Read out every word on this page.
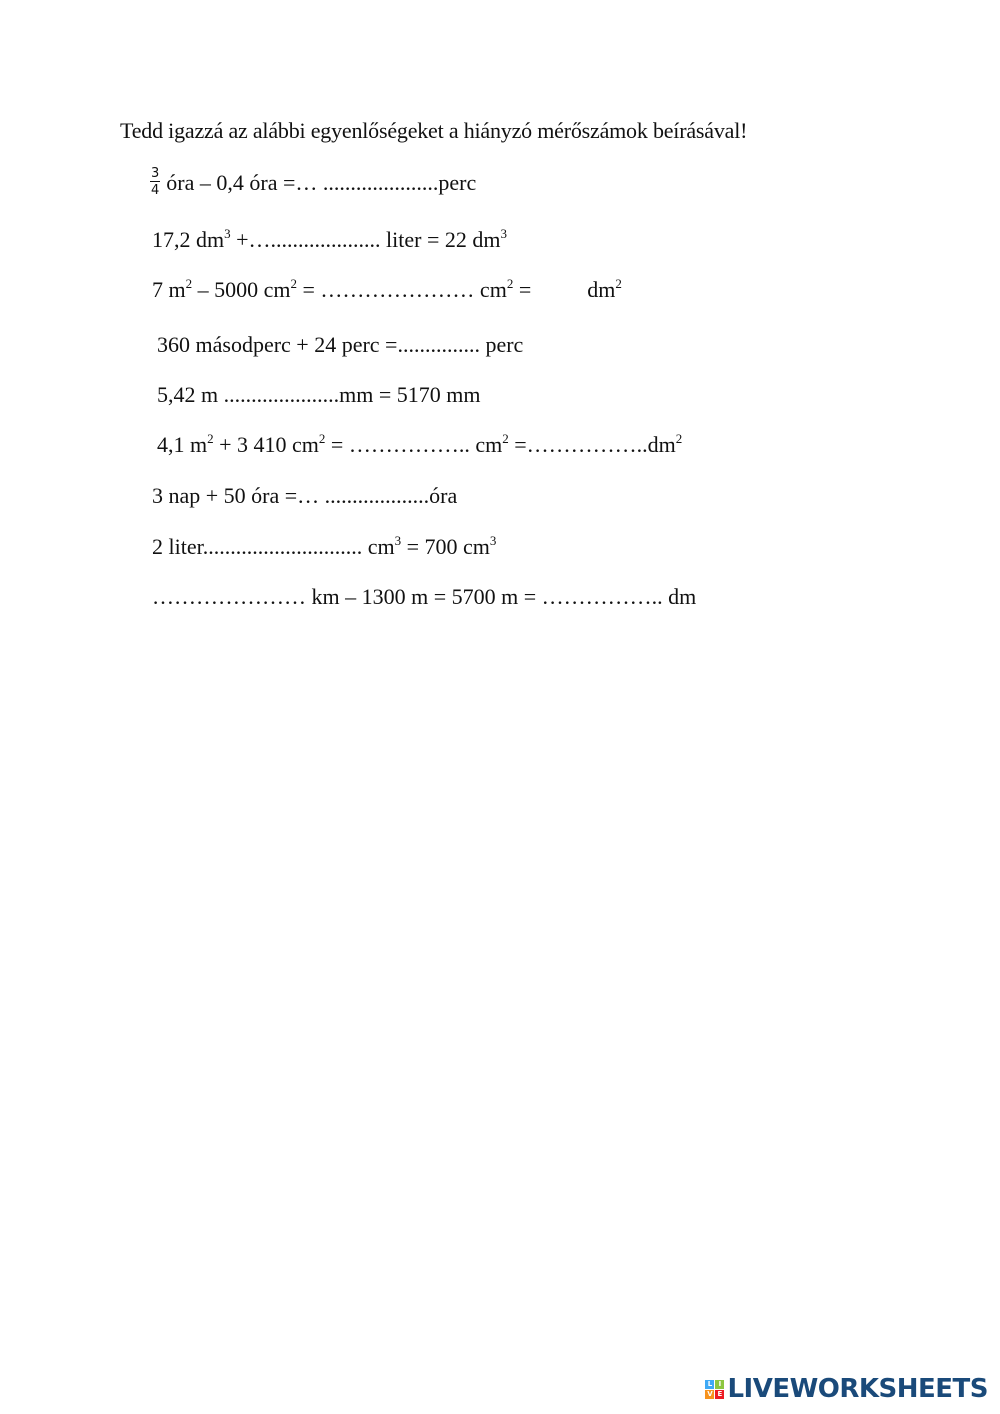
Tedd igazzá az alábbi egyenlőségeket a hiányzó mérőszámok beírásával!
$\frac{3}{4}$ óra – 0,4 óra =… .....................perc
17,2 $dm^3$ +….................... liter = 22 $dm^3$
7 $m^2 - 5000$ $cm^2$ = ………………… $cm^2$ =	$dm^2$
360 másodperc + 24 perc =............... perc
5,42 m .....................mm = 5170 mm
4,1 $m^2 + 3$ 410 $cm^2$ = …………….. $cm^2$ $=\dots\dots\dots\dots\dots..dm^2$
3 nap + 50 óra =… ...................óra
2 liter............................. $cm^3 = 700$ $cm^3$
………………… km – 1300 m = 5700 m = …………….. dm
L I
V E LIVEWORKSHEETS
